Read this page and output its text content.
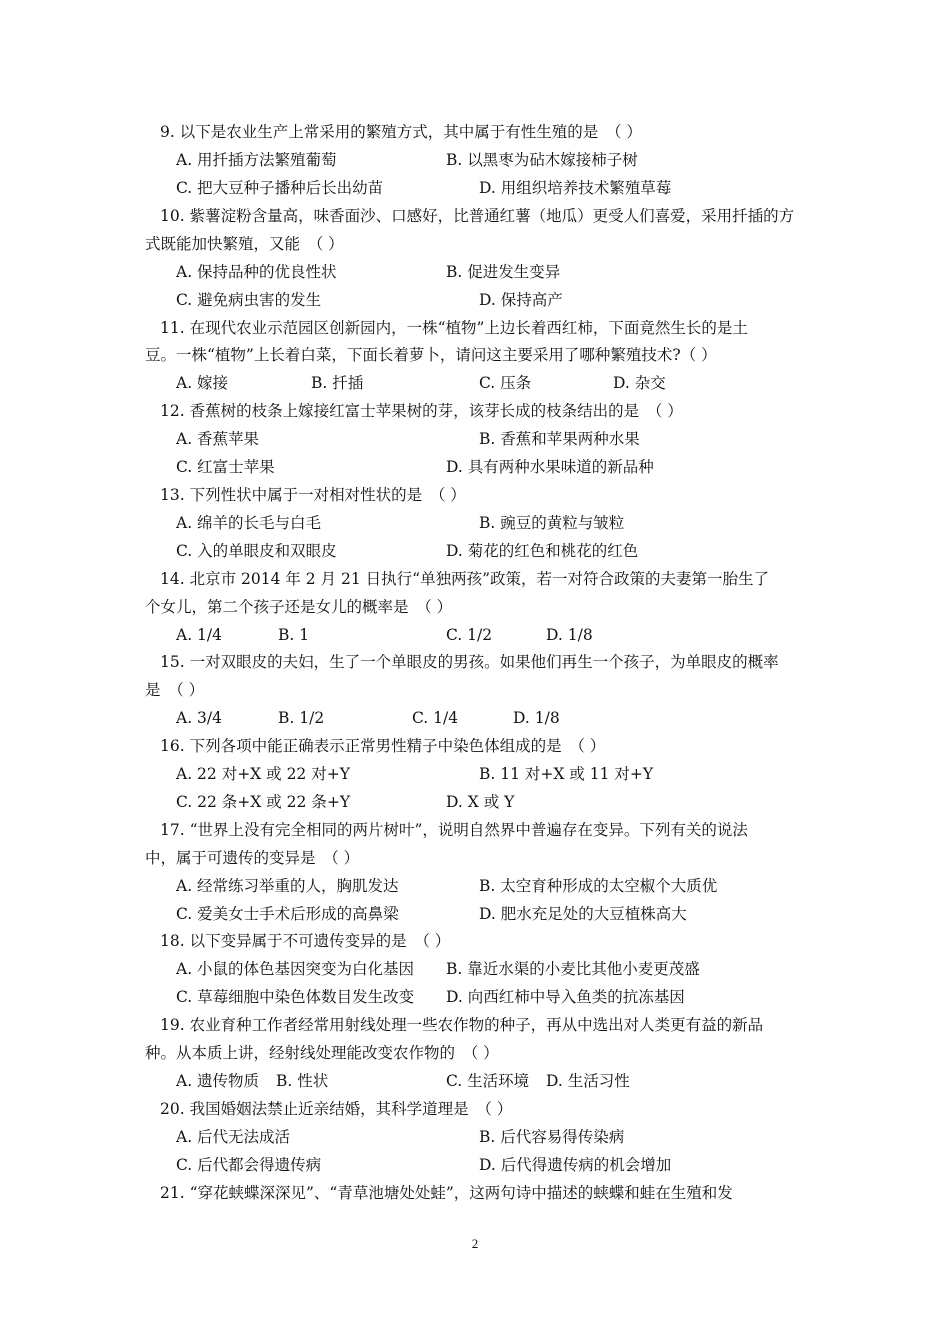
9. 以下是农业生产上常采用的繁殖方式，其中属于有性生殖的是　（ ）
A. 用扦插方法繁殖葡萄	B. 以黑枣为砧木嫁接柿子树
C. 把大豆种子播种后长出幼苗	D. 用组织培养技术繁殖草莓
10. 紫薯淀粉含量高，味香面沙、口感好，比普通红薯（地瓜）更受人们喜爱，采用扦插的方
式既能加快繁殖，又能　（ ）
A. 保持品种的优良性状	B. 促进发生变异
C. 避免病虫害的发生	D. 保持高产
11. 在现代农业示范园区创新园内，一株“植物”上边长着西红柿，下面竟然生长的是土
豆。一株“植物”上长着白菜，下面长着萝卜，请问这主要采用了哪种繁殖技术?（ ）
A. 嫁接	B. 扦插	C. 压条	D. 杂交
12. 香蕉树的枝条上嫁接红富士苹果树的芽，该芽长成的枝条结出的是　（ ）
A. 香蕉苹果	B. 香蕉和苹果两种水果
C. 红富士苹果	D. 具有两种水果味道的新品种
13. 下列性状中属于一对相对性状的是　（ ）
A. 绵羊的长毛与白毛	B. 豌豆的黄粒与皱粒
C. 入的单眼皮和双眼皮	D. 菊花的红色和桃花的红色
14. 北京市 2014 年 2 月 21 日执行“单独两孩”政策，若一对符合政策的夫妻第一胎生了
个女儿，第二个孩子还是女儿的概率是　（ ）
A. 1/4	B. 1	C. 1/2	D. 1/8
15. 一对双眼皮的夫妇，生了一个单眼皮的男孩。如果他们再生一个孩子，为单眼皮的概率
是　（ ）
A. 3/4	B. 1/2	C. 1/4	D. 1/8
16. 下列各项中能正确表示正常男性精子中染色体组成的是　（ ）
A. 22 对+X 或 22 对+Y	B. 11 对+X 或 11 对+Y
C. 22 条+X 或 22 条+Y	D. X 或 Y
17. “世界上没有完全相同的两片树叶”，说明自然界中普遍存在变异。下列有关的说法
中，属于可遗传的变异是　（ ）
A. 经常练习举重的人，胸肌发达	B. 太空育种形成的太空椒个大质优
C. 爱美女士手术后形成的高鼻梁	D. 肥水充足处的大豆植株高大
18. 以下变异属于不可遗传变异的是　（ ）
A. 小鼠的体色基因突变为白化基因 B. 靠近水渠的小麦比其他小麦更茂盛
C. 草莓细胞中染色体数目发生改变 D. 向西红柿中导入鱼类的抗冻基因
19. 农业育种工作者经常用射线处理一些农作物的种子，再从中选出对人类更有益的新品
种。从本质上讲，经射线处理能改变农作物的　（ ）
A. 遗传物质 B. 性状	C. 生活环境 D. 生活习性
20. 我国婚姻法禁止近亲结婚，其科学道理是　（ ）
A. 后代无法成活	B. 后代容易得传染病
C. 后代都会得遗传病	D. 后代得遗传病的机会增加
21. “穿花蛱蝶深深见”、“青草池塘处处蛙”，这两句诗中描述的蛱蝶和蛙在生殖和发
2
